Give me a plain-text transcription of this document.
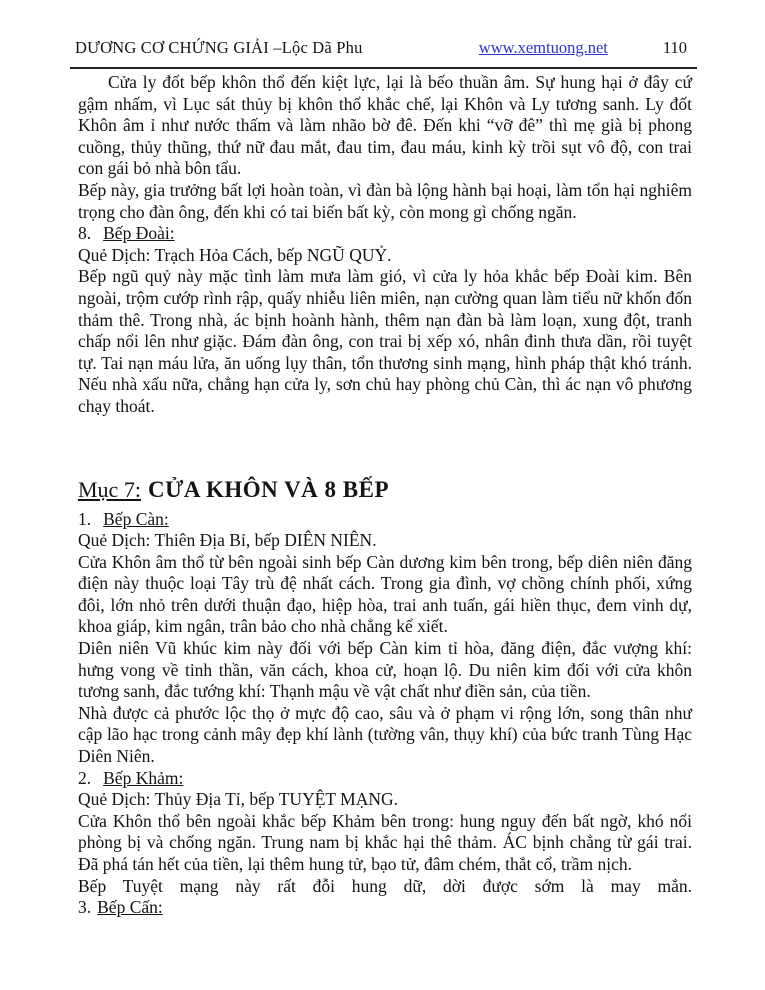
DƯƠNG CƠ CHỨNG GIẢI –Lộc Dã Phu	www.xemtuong.net	110

Cửa ly đốt bếp khôn thổ đến kiệt lực, lại là bếo thuần âm. Sự hung hại ở đây cứ gậm nhấm, vì Lục sát thủy bị khôn thổ khắc chế, lại Khôn và Ly tương sanh. Ly đốt Khôn âm ỉ như nước thấm và làm nhão bờ đê. Đến khi “vỡ đê” thì mẹ già bị phong cuồng, thủy thũng, thứ nữ đau mắt, đau tim, đau máu, kinh kỳ trồi sụt vô độ, con trai con gái bỏ nhà bôn tẩu.

Bếp này, gia trưởng bất lợi hoàn toàn, vì đàn bà lộng hành bại hoại, làm tổn hại nghiêm trọng cho đàn ông, đến khi có tai biến bất kỳ, còn mong gì chống ngăn.

8. Bếp Đoài:

Quẻ Dịch: Trạch Hỏa Cách, bếp NGŨ QUỶ.

Bếp ngũ quỷ này mặc tình làm mưa làm gió, vì cửa ly hỏa khắc bếp Đoài kim. Bên ngoài, trộm cướp rình rập, quấy nhiễu liên miên, nạn cường quan làm tiểu nữ khốn đốn thảm thê. Trong nhà, ác bịnh hoành hành, thêm nạn đàn bà làm loạn, xung đột, tranh chấp nổi lên như giặc. Đám đàn ông, con trai bị xếp xó, nhân đinh thưa dần, rồi tuyệt tự. Tai nạn máu lửa, ăn uống lụy thân, tổn thương sinh mạng, hình pháp thật khó tránh. Nếu nhà xấu nữa, chẳng hạn cửa ly, sơn chủ hay phòng chủ Càn, thì ác nạn vô phương chạy thoát.

Mục 7: CỬA KHÔN VÀ 8 BẾP

1. Bếp Càn:

Quẻ Dịch: Thiên Địa Bỉ, bếp DIÊN NIÊN.

Cửa Khôn âm thổ từ bên ngoài sinh bếp Càn dương kim bên trong, bếp diên niên đăng điện này thuộc loại Tây trù đệ nhất cách. Trong gia đình, vợ chồng chính phối, xứng đôi, lớn nhỏ trên dưới thuận đạo, hiệp hòa, trai anh tuấn, gái hiền thục, đem vinh dự, khoa giáp, kim ngân, trân bảo cho nhà chẳng kể xiết.

Diên niên Vũ khúc kim này đối với bếp Càn kim tỉ hòa, đăng điện, đắc vượng khí: hưng vong về tinh thần, văn cách, khoa cử, hoạn lộ. Du niên kim đối với cửa khôn tương sanh, đắc tướng khí: Thạnh mậu về vật chất như điền sản, của tiền.

Nhà được cả phước lộc thọ ở mực độ cao, sâu và ở phạm vi rộng lớn, song thân như cập lão hạc trong cảnh mây đẹp khí lành (tường vân, thụy khí) của bức tranh Tùng Hạc Diên Niên.

2. Bếp Khảm:

Quẻ Dịch: Thủy Địa Tỉ, bếp TUYỆT MẠNG.

Cửa Khôn thổ bên ngoài khắc bếp Khảm bên trong: hung nguy đến bất ngờ, khó nổi phòng bị và chống ngăn. Trung nam bị khắc hại thê thảm. ÁC bịnh chẳng từ gái trai. Đã phá tán hết của tiền, lại thêm hung tử, bạo tử, đâm chém, thắt cổ, trầm nịch.

Bếp Tuyệt mạng này rất đỗi hung dữ, dời được sớm là may mắn.

3. Bếp Cấn:
